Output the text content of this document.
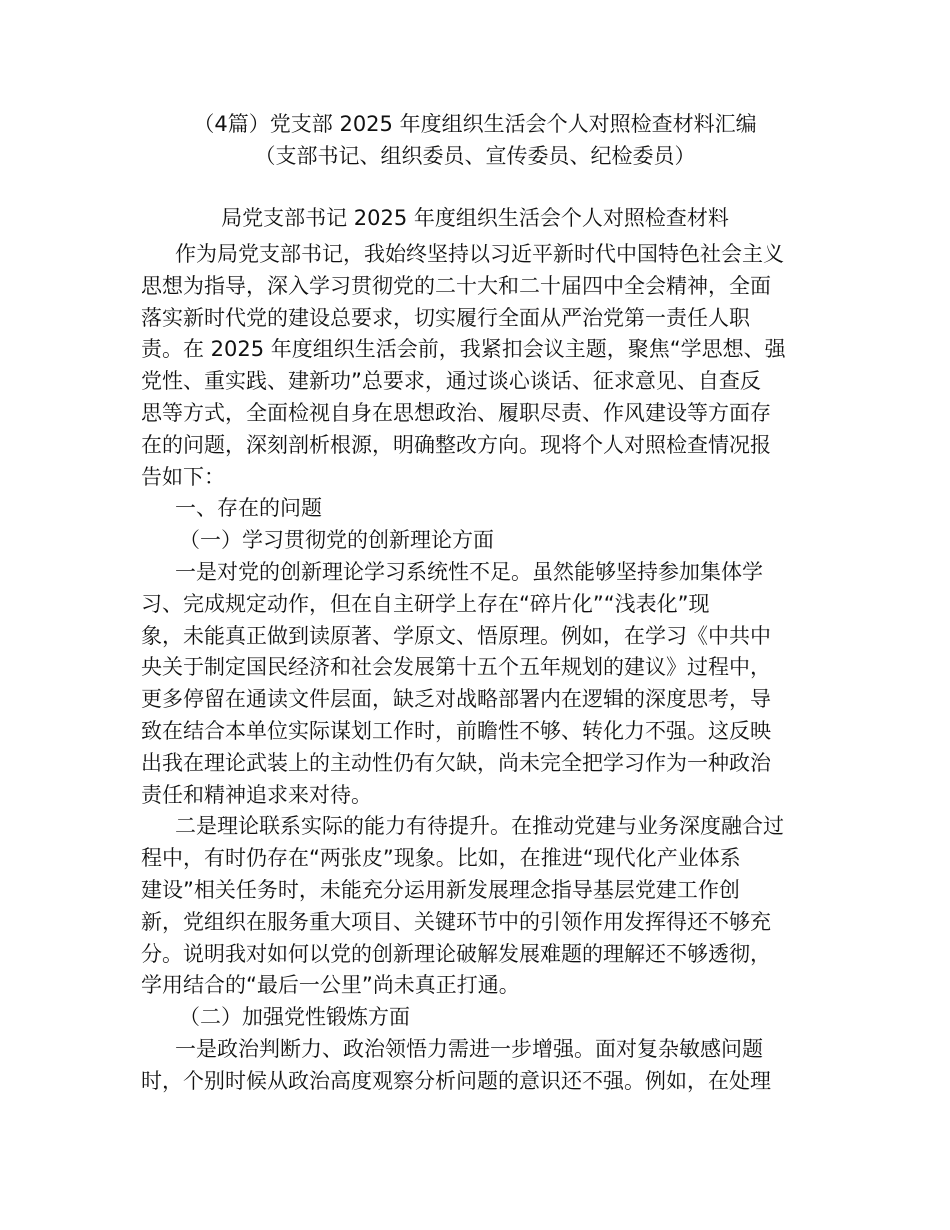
（4篇）党支部 2025 年度组织生活会个人对照检查材料汇编
（支部书记、组织委员、宣传委员、纪检委员）
局党支部书记 2025 年度组织生活会个人对照检查材料
作为局党支部书记，我始终坚持以习近平新时代中国特色社会主义
思想为指导，深入学习贯彻党的二十大和二十届四中全会精神，全面
落实新时代党的建设总要求，切实履行全面从严治党第一责任人职
责。在 2025 年度组织生活会前，我紧扣会议主题，聚焦“学思想、强
党性、重实践、建新功”总要求，通过谈心谈话、征求意见、自查反
思等方式，全面检视自身在思想政治、履职尽责、作风建设等方面存
在的问题，深刻剖析根源，明确整改方向。现将个人对照检查情况报
告如下：
一、存在的问题
（一）学习贯彻党的创新理论方面
一是对党的创新理论学习系统性不足。虽然能够坚持参加集体学
习、完成规定动作，但在自主研学上存在“碎片化”“浅表化”现
象，未能真正做到读原著、学原文、悟原理。例如，在学习《中共中
央关于制定国民经济和社会发展第十五个五年规划的建议》过程中，
更多停留在通读文件层面，缺乏对战略部署内在逻辑的深度思考，导
致在结合本单位实际谋划工作时，前瞻性不够、转化力不强。这反映
出我在理论武装上的主动性仍有欠缺，尚未完全把学习作为一种政治
责任和精神追求来对待。
二是理论联系实际的能力有待提升。在推动党建与业务深度融合过
程中，有时仍存在“两张皮”现象。比如，在推进“现代化产业体系
建设”相关任务时，未能充分运用新发展理念指导基层党建工作创
新，党组织在服务重大项目、关键环节中的引领作用发挥得还不够充
分。说明我对如何以党的创新理论破解发展难题的理解还不够透彻，
学用结合的“最后一公里”尚未真正打通。
（二）加强党性锻炼方面
一是政治判断力、政治领悟力需进一步增强。面对复杂敏感问题
时，个别时候从政治高度观察分析问题的意识还不强。例如，在处理
